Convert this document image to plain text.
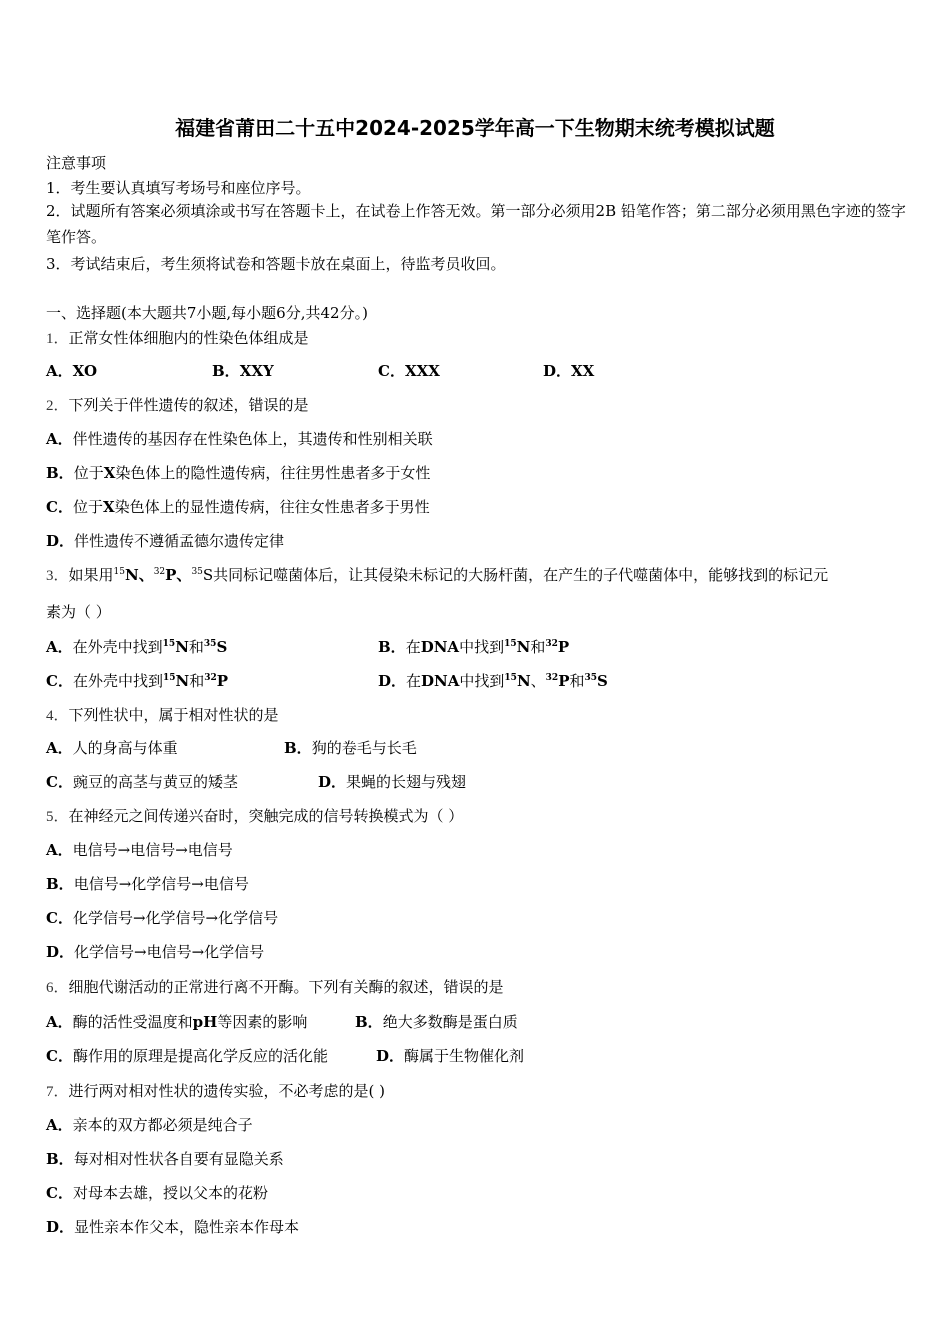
福建省莆田二十五中2024-2025学年高一下生物期末统考模拟试题
注意事项
1．考生要认真填写考场号和座位序号。
2．试题所有答案必须填涂或书写在答题卡上，在试卷上作答无效。第一部分必须用2B 铅笔作答；第二部分必须用黑色字迹的签字笔作答。
3．考试结束后，考生须将试卷和答题卡放在桌面上，待监考员收回。
一、选择题(本大题共7小题,每小题6分,共42分。)
1．正常女性体细胞内的性染色体组成是
A．XO	B．XXY	C．XXX	D．XX
2．下列关于伴性遗传的叙述，错误的是
A．伴性遗传的基因存在性染色体上，其遗传和性别相关联
B．位于X染色体上的隐性遗传病，往往男性患者多于女性
C．位于X染色体上的显性遗传病，往往女性患者多于男性
D．伴性遗传不遵循孟德尔遗传定律
3．如果用$^{15}$N、$^{32}$P、$^{35}$S共同标记噬菌体后，让其侵染未标记的大肠杆菌，在产生的子代噬菌体中，能够找到的标记元
素为（ ）
A．在外壳中找到$^{15}$N和$^{35}$S	B．在DNA中找到$^{15}$N和$^{32}$P
C．在外壳中找到$^{15}$N和$^{32}$P	D．在DNA中找到$^{15}$N、$^{32}$P和$^{35}$S
4．下列性状中，属于相对性状的是
A．人的身高与体重	B．狗的卷毛与长毛
C．豌豆的高茎与黄豆的矮茎	D．果蝇的长翅与残翅
5．在神经元之间传递兴奋时，突触完成的信号转换模式为（ ）
A．电信号→电信号→电信号
B．电信号→化学信号→电信号
C．化学信号→化学信号→化学信号
D．化学信号→电信号→化学信号
6．细胞代谢活动的正常进行离不开酶。下列有关酶的叙述，错误的是
A．酶的活性受温度和pH等因素的影响	B．绝大多数酶是蛋白质
C．酶作用的原理是提高化学反应的活化能	D．酶属于生物催化剂
7．进行两对相对性状的遗传实验，不必考虑的是( )
A．亲本的双方都必须是纯合子
B．每对相对性状各自要有显隐关系
C．对母本去雄，授以父本的花粉
D．显性亲本作父本，隐性亲本作母本
